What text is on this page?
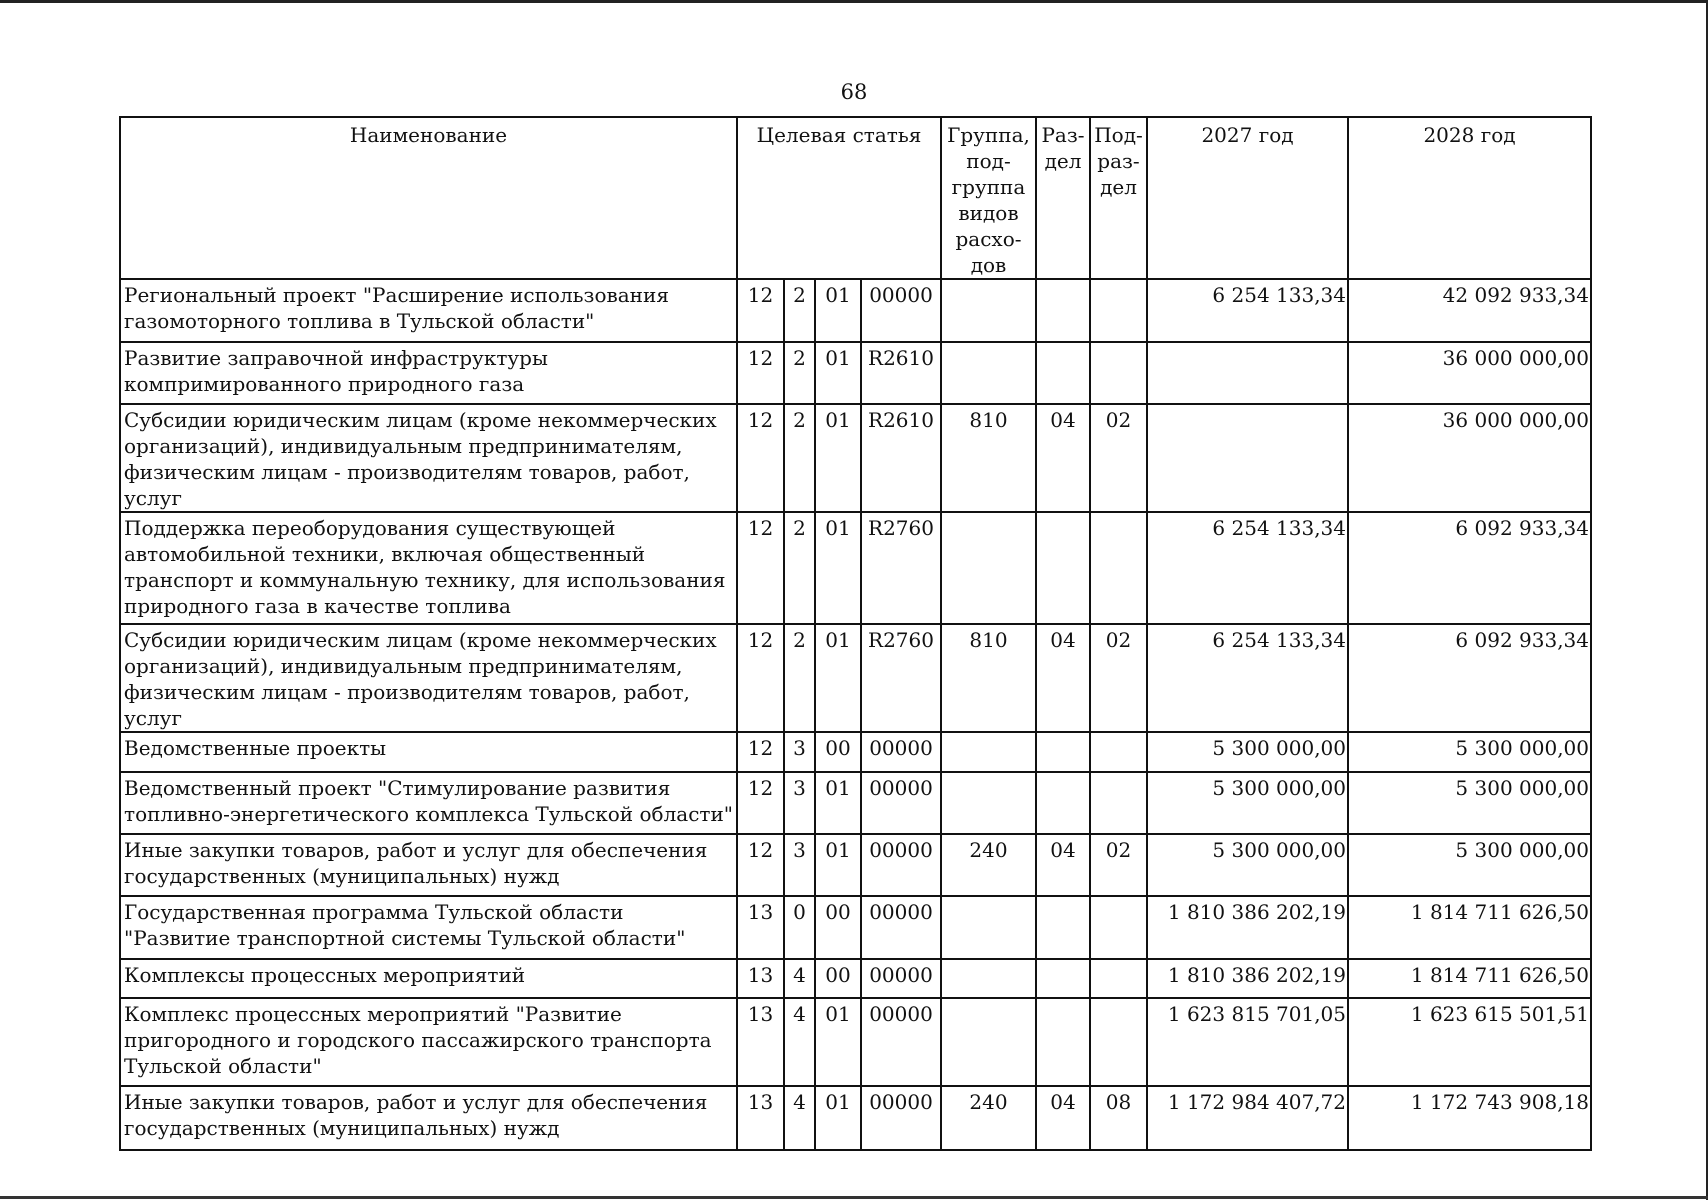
68
Наименование	Целевая статья				Группа, под-группа видов расхо-дов	Раз-дел	Под-раз-дел	2027 год	2028 год
Региональный проект "Расширение использования газомоторного топлива в Тульской области"	12	2	01	00000				6 254 133,34	42 092 933,34
Развитие заправочной инфраструктуры компримированного природного газа	12	2	01	R2610					36 000 000,00
Субсидии юридическим лицам (кроме некоммерческих организаций), индивидуальным предпринимателям, физическим лицам - производителям товаров, работ, услуг	12	2	01	R2610	810	04	02		36 000 000,00
Поддержка переоборудования существующей автомобильной техники, включая общественный транспорт и коммунальную технику, для использования природного газа в качестве топлива	12	2	01	R2760				6 254 133,34	6 092 933,34
Субсидии юридическим лицам (кроме некоммерческих организаций), индивидуальным предпринимателям, физическим лицам - производителям товаров, работ, услуг	12	2	01	R2760	810	04	02	6 254 133,34	6 092 933,34
Ведомственные проекты	12	3	00	00000				5 300 000,00	5 300 000,00
Ведомственный проект "Стимулирование развития топливно-энергетического комплекса Тульской области"	12	3	01	00000				5 300 000,00	5 300 000,00
Иные закупки товаров, работ и услуг для обеспечения государственных (муниципальных) нужд	12	3	01	00000	240	04	02	5 300 000,00	5 300 000,00
Государственная программа Тульской области "Развитие транспортной системы Тульской области"	13	0	00	00000				1 810 386 202,19	1 814 711 626,50
Комплексы процессных мероприятий	13	4	00	00000				1 810 386 202,19	1 814 711 626,50
Комплекс процессных мероприятий "Развитие пригородного и городского пассажирского транспорта Тульской области"	13	4	01	00000				1 623 815 701,05	1 623 615 501,51
Иные закупки товаров, работ и услуг для обеспечения государственных (муниципальных) нужд	13	4	01	00000	240	04	08	1 172 984 407,72	1 172 743 908,18
